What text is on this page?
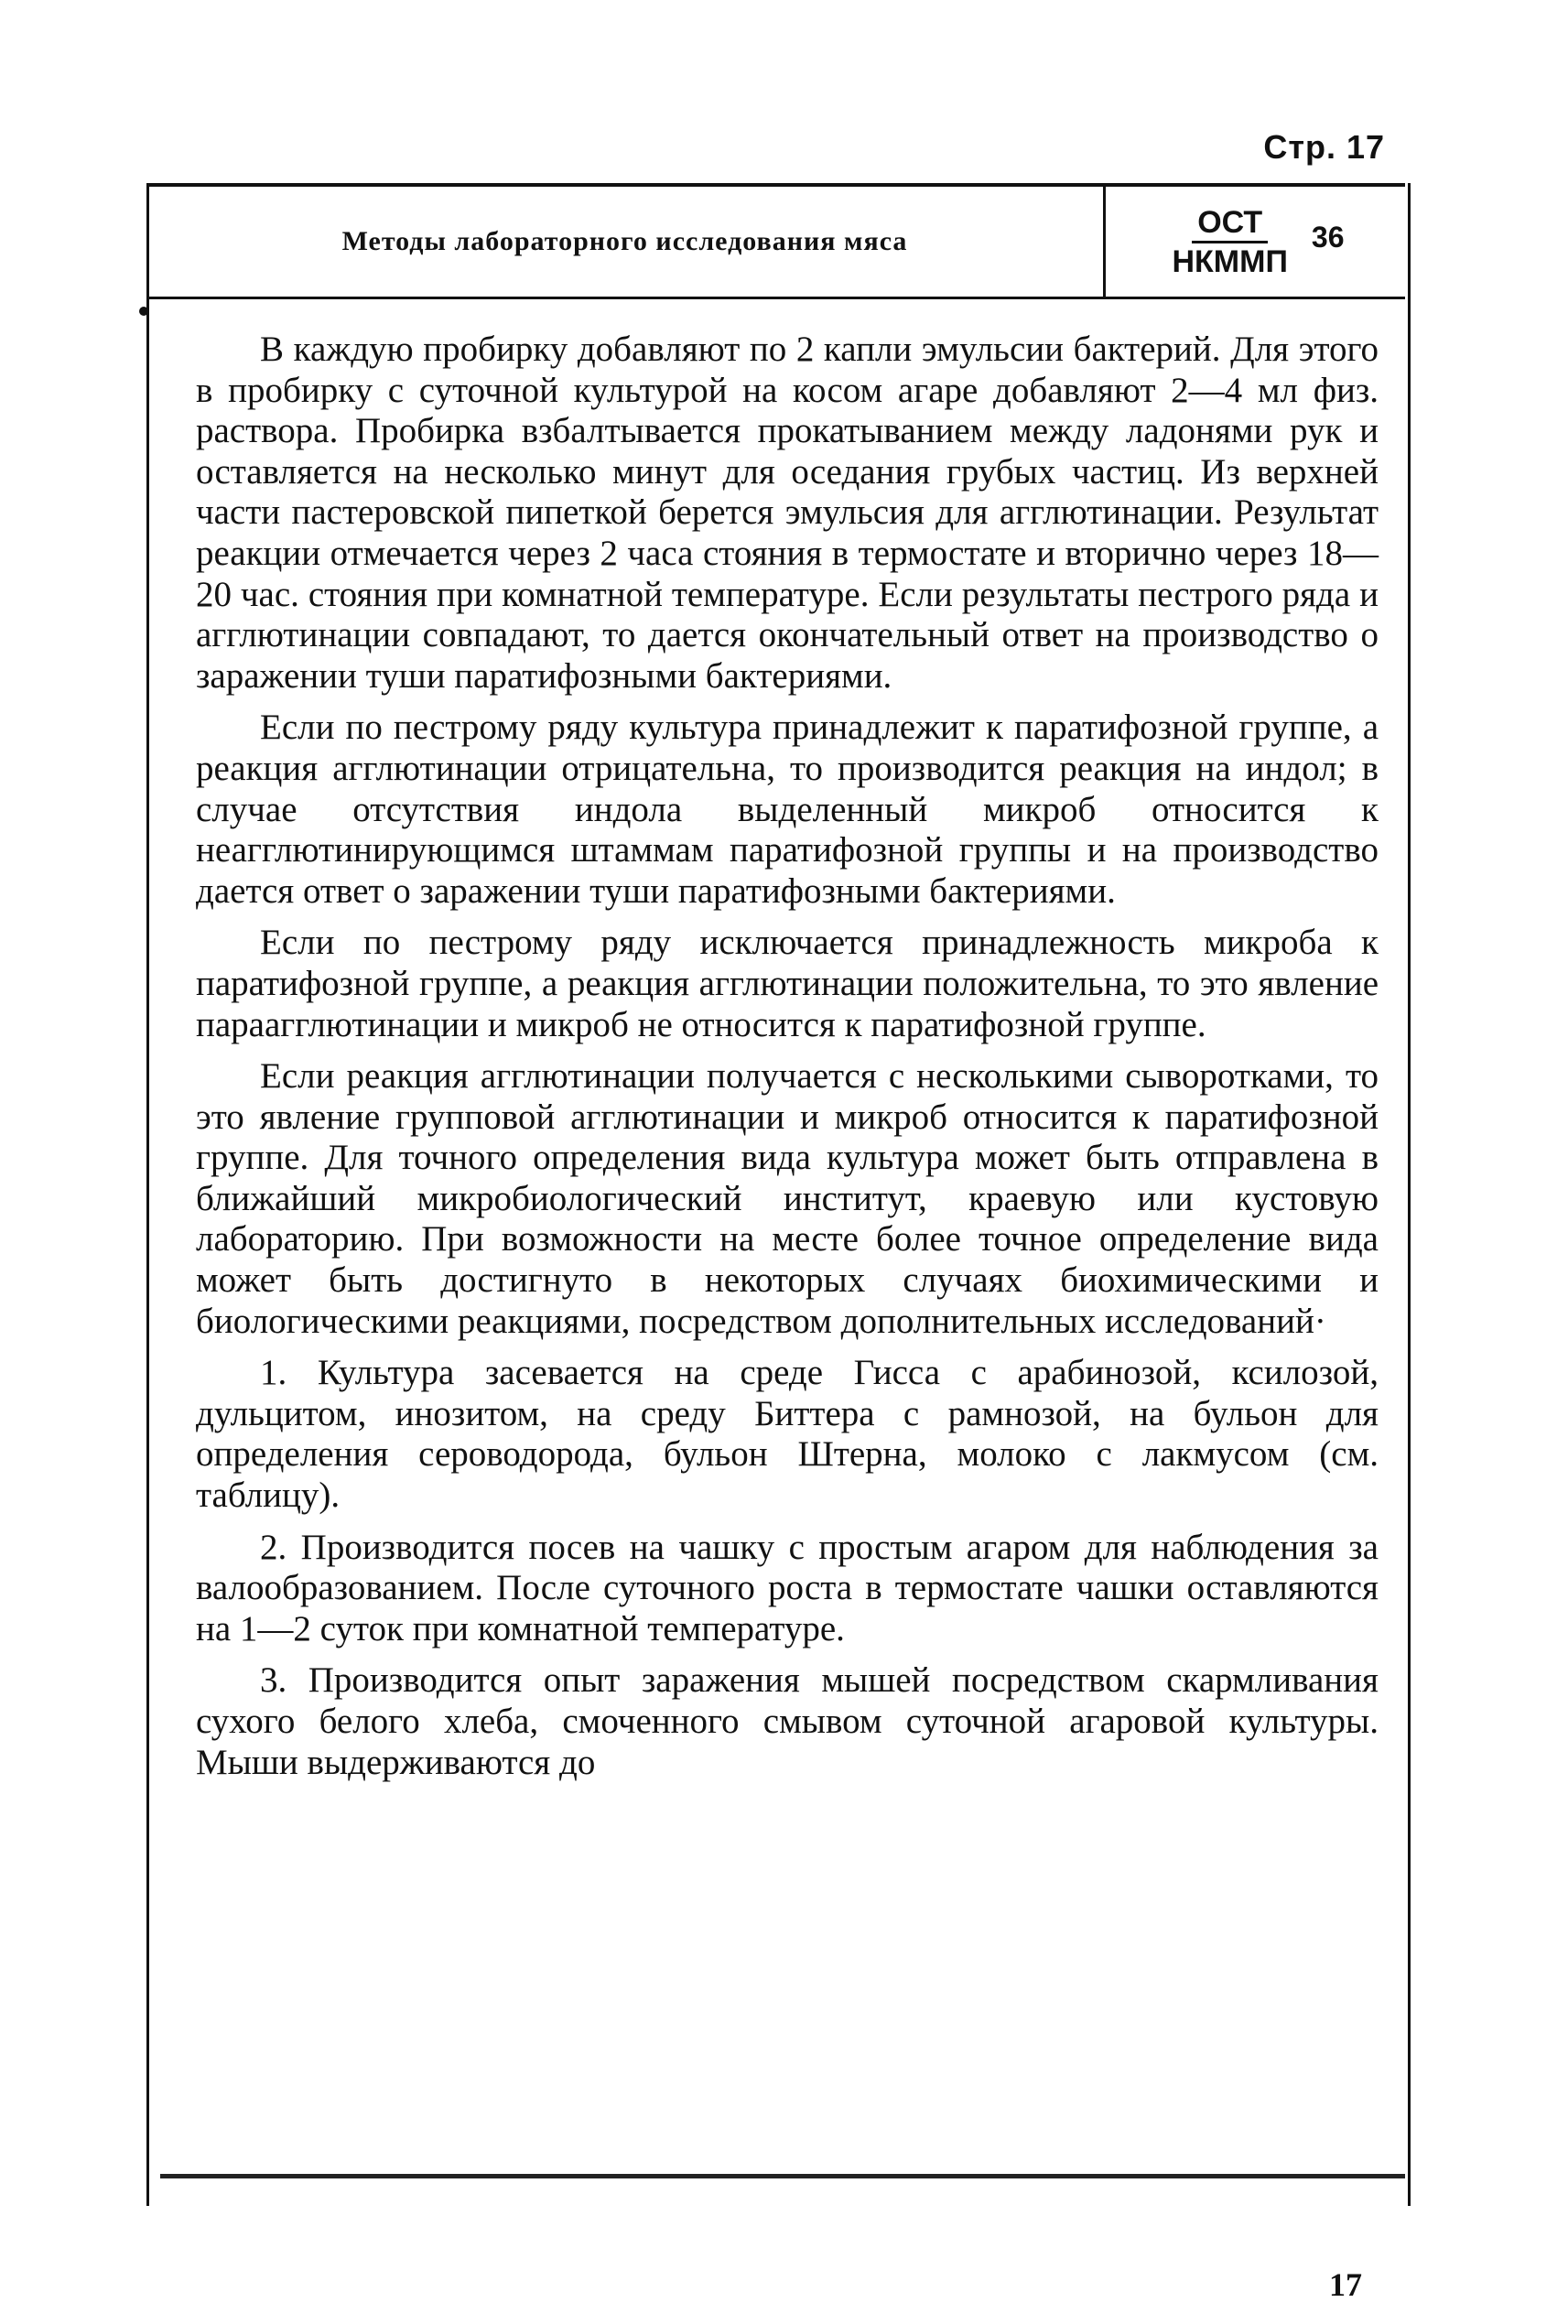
Стр. 17
Методы лабораторного исследования мяса	$\frac{\text{ОСТ}}{\text{НКММП}} 36$

В каждую пробирку добавляют по 2 капли эмульсии бактерий. Для этого в пробирку с суточной культурой на косом агаре добавляют 2—4 мл физ. раствора. Пробирка взбалтывается прокатыванием между ладонями рук и оставляется на несколько минут для оседания грубых частиц. Из верхней части пастеровской пипеткой берется эмульсия для агглютинации. Результат реакции отмечается через 2 часа стояния в термостате и вторично через 18—20 час. стояния при комнатной температуре. Если результаты пестрого ряда и агглютинации совпадают, то дается окончательный ответ на производство о заражении туши паратифозными бактериями.

Если по пестрому ряду культура принадлежит к паратифозной группе, а реакция агглютинации отрицательна, то производится реакция на индол; в случае отсутствия индола выделенный микроб относится к неагглютинирующимся штаммам паратифозной группы и на производство дается ответ о заражении туши паратифозными бактериями.

Если по пестрому ряду исключается принадлежность микроба к паратифозной группе, а реакция агглютинации положительна, то это явление параагглютинации и микроб не относится к паратифозной группе.

Если реакция агглютинации получается с несколькими сыворотками, то это явление групповой агглютинации и микроб относится к паратифозной группе. Для точного определения вида культура может быть отправлена в ближайший микробиологический институт, краевую или кустовую лабораторию. При возможности на месте более точное определение вида может быть достигнуто в некоторых случаях биохимическими и биологическими реакциями, посредством дополнительных исследований·

1. Культура засевается на среде Гисса с арабинозой, ксилозой, дульцитом, инозитом, на среду Биттера с рамнозой, на бульон для определения сероводорода, бульон Штерна, молоко с лакмусом (см. таблицу).

2. Производится посев на чашку с простым агаром для наблюдения за валообразованием. После суточного роста в термостате чашки оставляются на 1—2 суток при комнатной температуре.

3. Производится опыт заражения мышей посредством скармливания сухого белого хлеба, смоченного смывом суточной агаровой культуры. Мыши выдерживаются до

17
